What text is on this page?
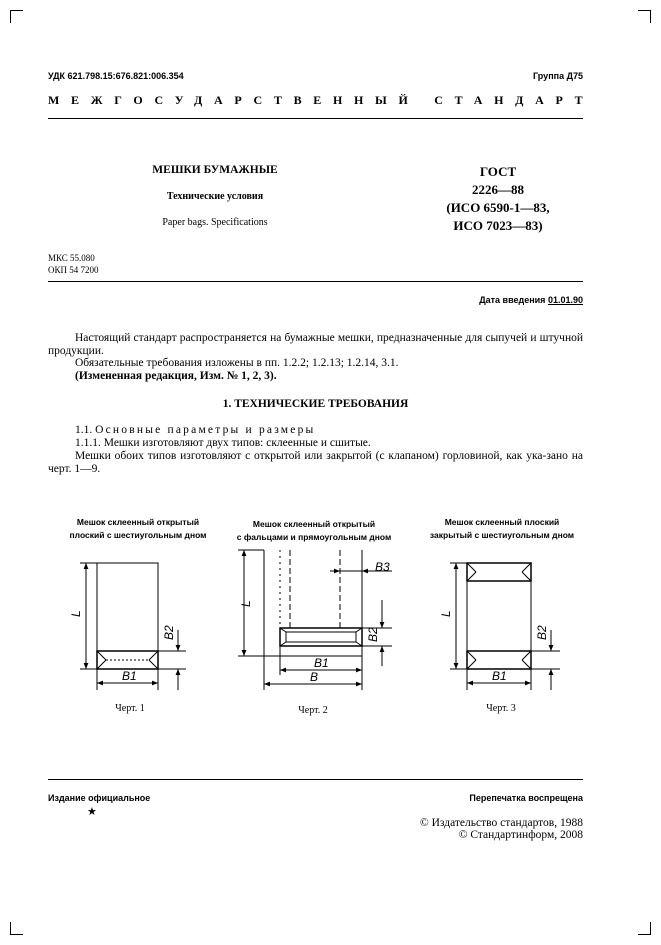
УДК 621.798.15:676.821:006.354	Группа Д75
МЕЖГОСУДАРСТВЕННЫЙ СТАНДАРТ
МЕШКИ БУМАЖНЫЕ
Технические условия
Paper bags. Specifications
ГОСТ
2226—88
(ИСО 6590-1—83,
ИСО 7023—83)
МКС 55.080
ОКП 54 7200
Дата введения 01.01.90
Настоящий стандарт распространяется на бумажные мешки, предназначенные для сыпучей и штучной продукции.
Обязательные требования изложены в пп. 1.2.2; 1.2.13; 1.2.14, 3.1.
(Измененная редакция, Изм. № 1, 2, 3).
1. ТЕХНИЧЕСКИЕ ТРЕБОВАНИЯ
1.1. Основные параметры и размеры
1.1.1. Мешки изготовляют двух типов: склеенные и сшитые.
Мешки обоих типов изготовляют с открытой или закрытой (с клапаном) горловиной, как ука-зано на черт. 1—9.
Мешок склеенный открытый
плоский с шестиугольным дном
Мешок склеенный открытый
с фальцами и прямоугольным дном
Мешок склеенный плоский
закрытый с шестиугольным дном
L
B2
B1
L
B3
B2
B1
B
L
B2
B1
Черт. 1	Черт. 2	Черт. 3
Издание официальное
★
Перепечатка воспрещена
© Издательство стандартов, 1988
© Стандартинформ, 2008
